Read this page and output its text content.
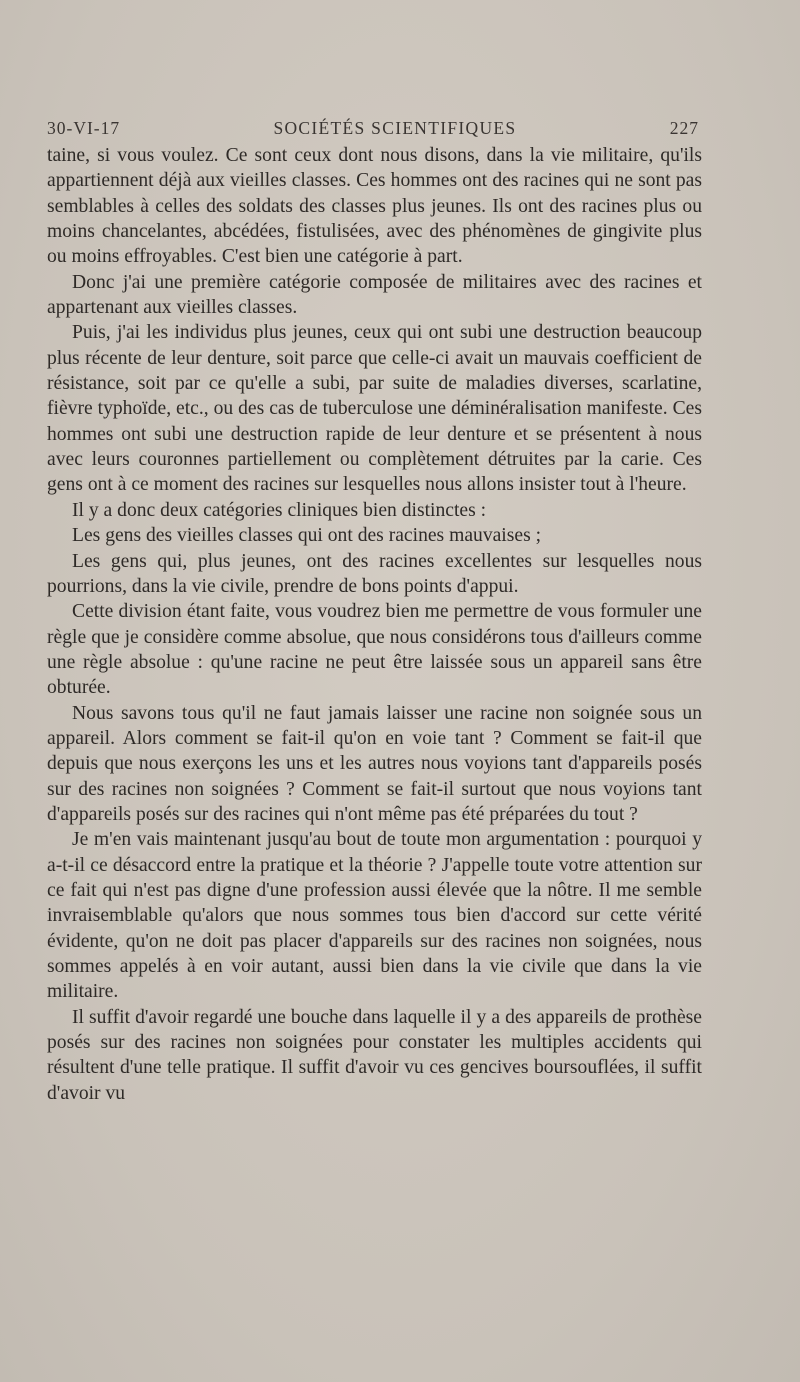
30-VI-17	SOCIÉTÉS SCIENTIFIQUES	227

taine, si vous voulez. Ce sont ceux dont nous disons, dans la vie militaire, qu'ils appartiennent déjà aux vieilles classes. Ces hommes ont des racines qui ne sont pas semblables à celles des soldats des classes plus jeunes. Ils ont des racines plus ou moins chancelantes, abcédées, fistulisées, avec des phénomènes de gingivite plus ou moins effroyables. C'est bien une catégorie à part.

Donc j'ai une première catégorie composée de militaires avec des racines et appartenant aux vieilles classes.

Puis, j'ai les individus plus jeunes, ceux qui ont subi une destruction beaucoup plus récente de leur denture, soit parce que celle-ci avait un mauvais coefficient de résistance, soit par ce qu'elle a subi, par suite de maladies diverses, scarlatine, fièvre typhoïde, etc., ou des cas de tuberculose une déminéralisation manifeste. Ces hommes ont subi une destruction rapide de leur denture et se présentent à nous avec leurs couronnes partiellement ou complètement détruites par la carie. Ces gens ont à ce moment des racines sur lesquelles nous allons insister tout à l'heure.

Il y a donc deux catégories cliniques bien distinctes :

Les gens des vieilles classes qui ont des racines mauvaises ;

Les gens qui, plus jeunes, ont des racines excellentes sur lesquelles nous pourrions, dans la vie civile, prendre de bons points d'appui.

Cette division étant faite, vous voudrez bien me permettre de vous formuler une règle que je considère comme absolue, que nous considérons tous d'ailleurs comme une règle absolue : qu'une racine ne peut être laissée sous un appareil sans être obturée.

Nous savons tous qu'il ne faut jamais laisser une racine non soignée sous un appareil. Alors comment se fait-il qu'on en voie tant ? Comment se fait-il que depuis que nous exerçons les uns et les autres nous voyions tant d'appareils posés sur des racines non soignées ? Comment se fait-il surtout que nous voyions tant d'appareils posés sur des racines qui n'ont même pas été préparées du tout ?

Je m'en vais maintenant jusqu'au bout de toute mon argumentation : pourquoi y a-t-il ce désaccord entre la pratique et la théorie ? J'appelle toute votre attention sur ce fait qui n'est pas digne d'une profession aussi élevée que la nôtre. Il me semble invraisemblable qu'alors que nous sommes tous bien d'accord sur cette vérité évidente, qu'on ne doit pas placer d'appareils sur des racines non soignées, nous sommes appelés à en voir autant, aussi bien dans la vie civile que dans la vie militaire.

Il suffit d'avoir regardé une bouche dans laquelle il y a des appareils de prothèse posés sur des racines non soignées pour constater les multiples accidents qui résultent d'une telle pratique. Il suffit d'avoir vu ces gencives boursouflées, il suffit d'avoir vu
